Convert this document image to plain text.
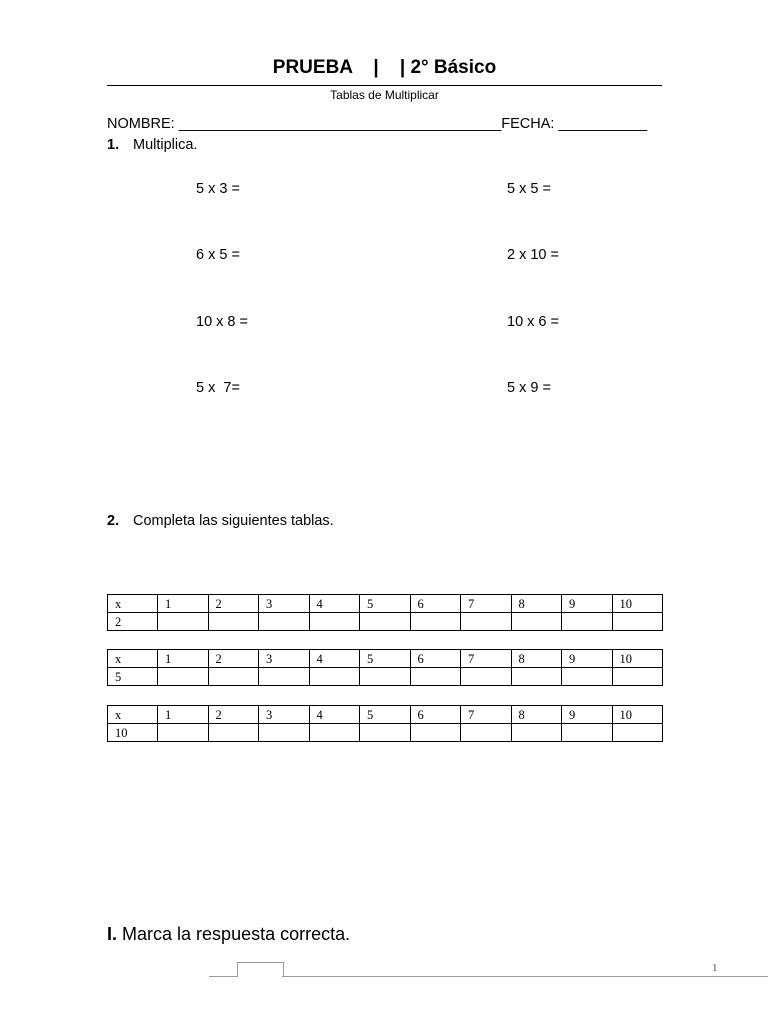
PRUEBA    |    | 2° Básico
Tablas de Multiplicar
NOMBRE: ________________________________________FECHA: ___________
1. Multiplica.
5 x 3 =
6 x 5 =
10 x 8 =
5 x  7=
5 x 5 =
2 x 10 =
10 x 6 =
5 x 9 =
2. Completa las siguientes tablas.
x	1	2	3	4	5	6	7	8	9	10
2										
x	1	2	3	4	5	6	7	8	9	10
5										
x	1	2	3	4	5	6	7	8	9	10
10										
I. Marca la respuesta correcta.
1
